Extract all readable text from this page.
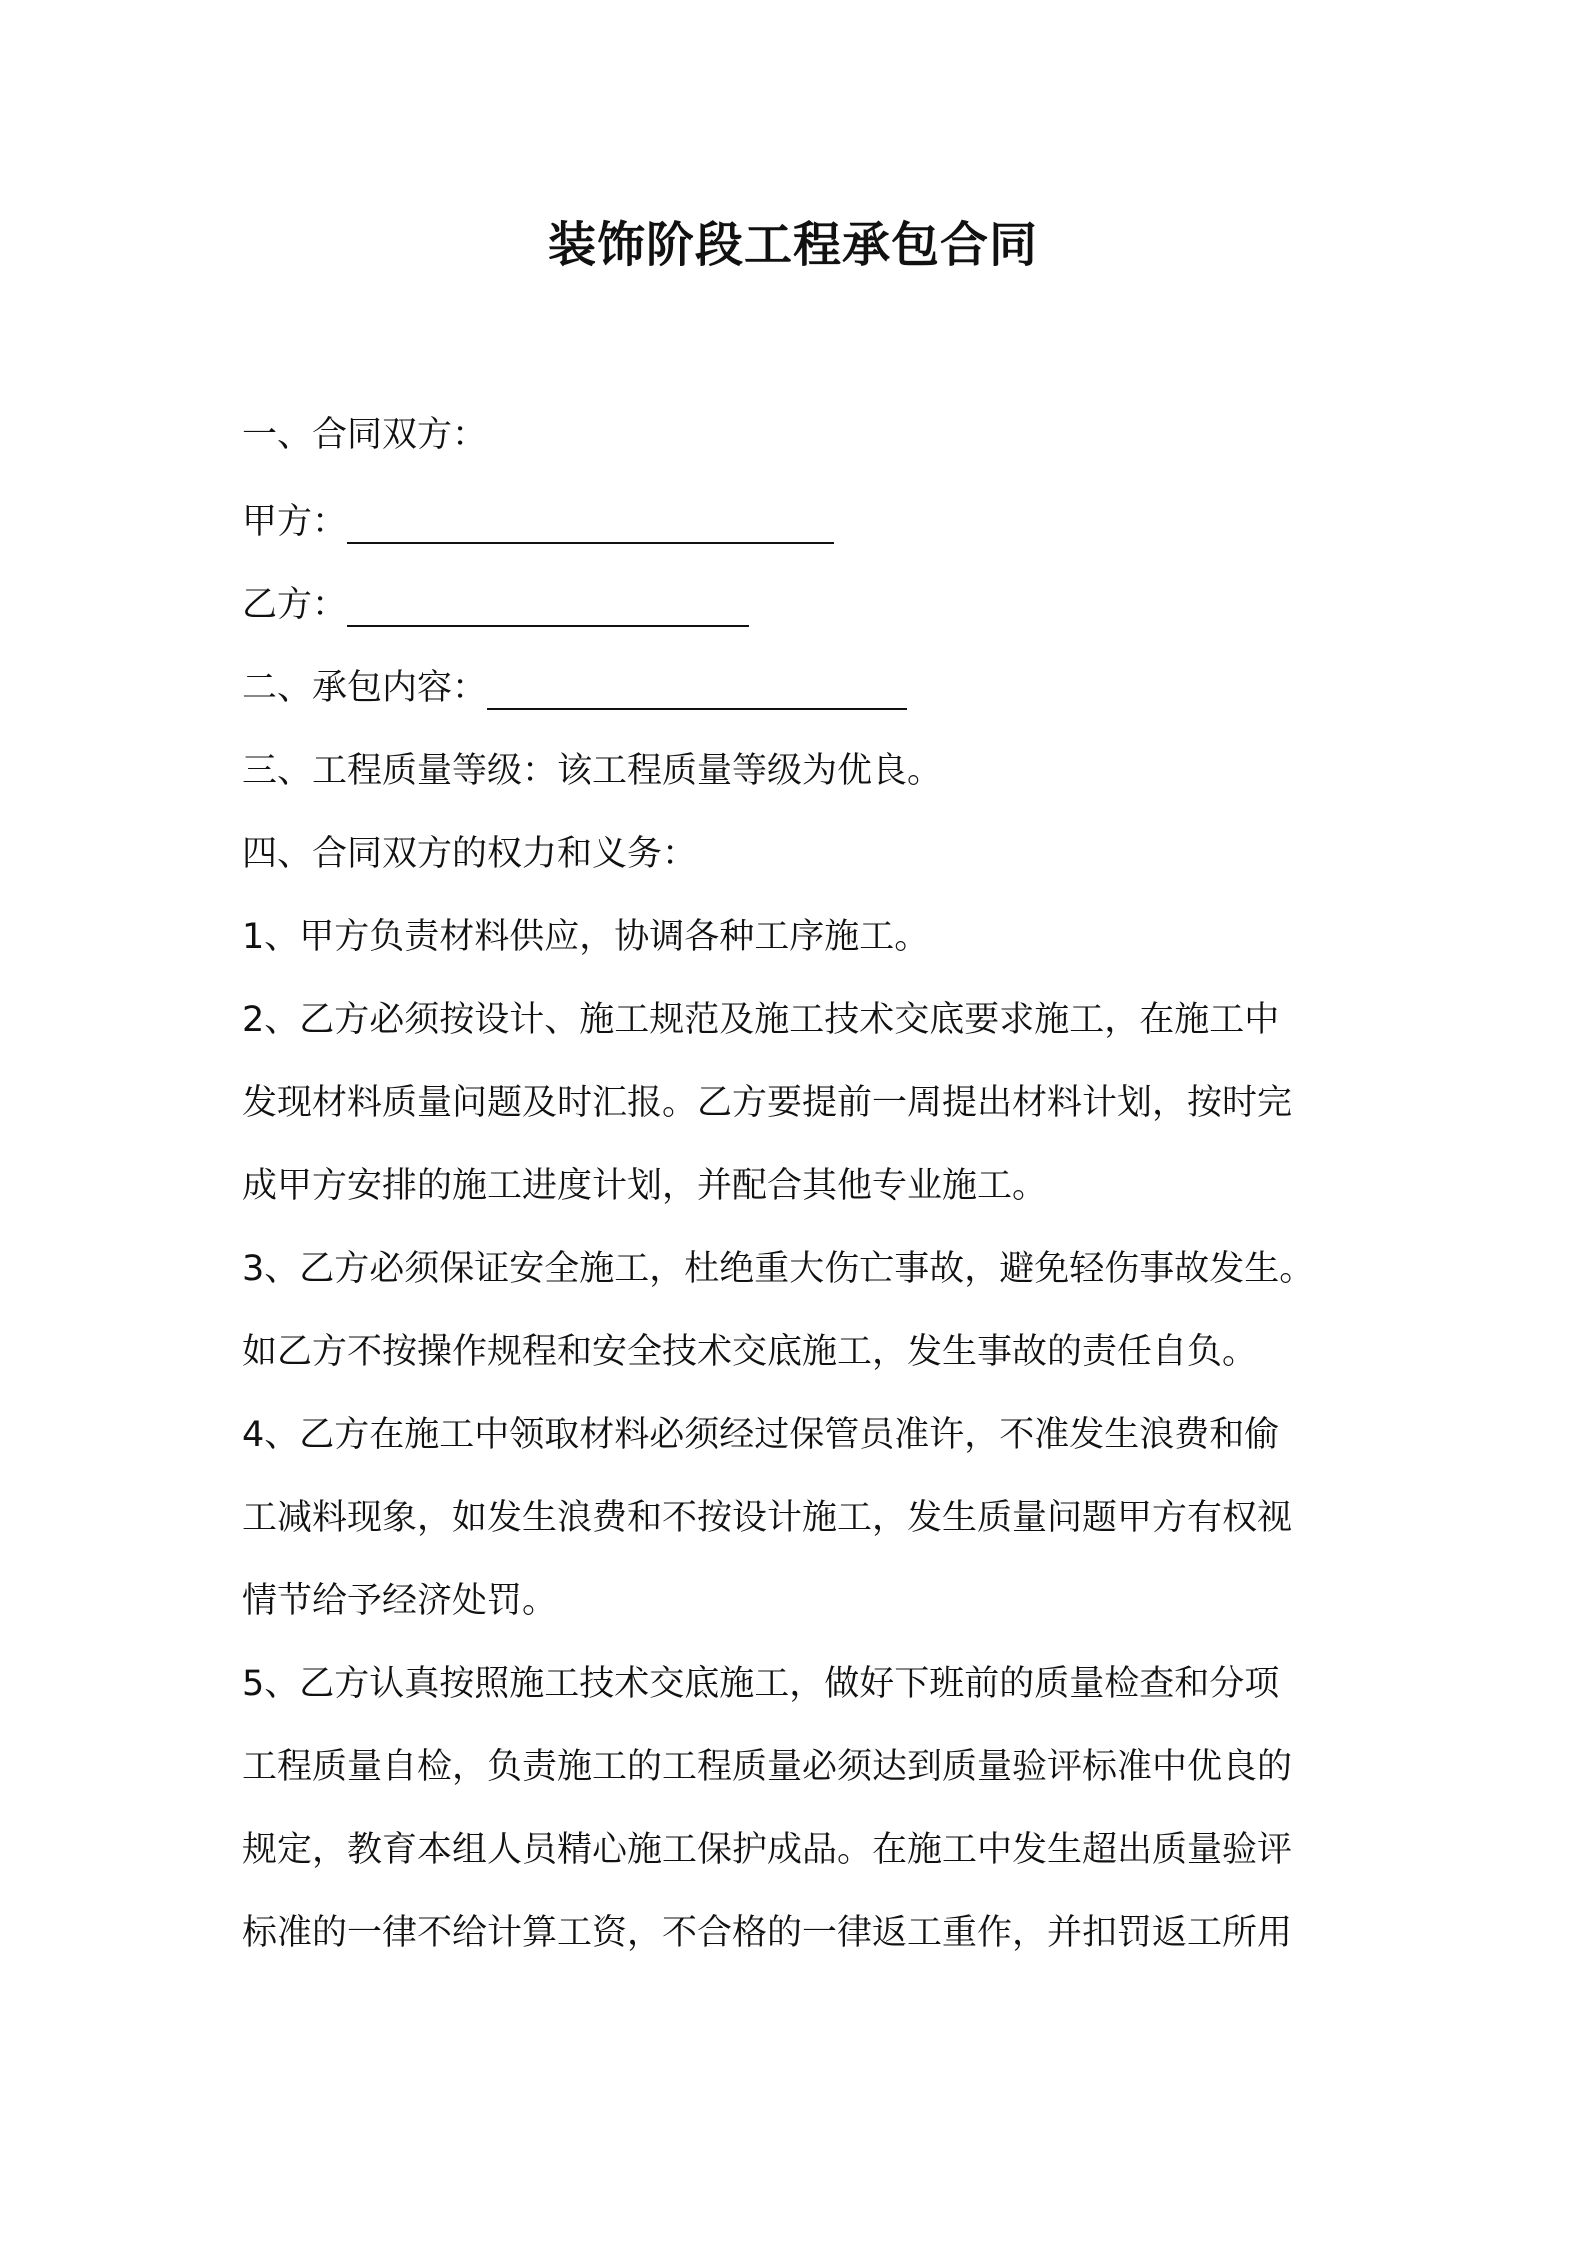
装饰阶段工程承包合同

一、合同双方：

甲方：

乙方：

二、承包内容：

三、工程质量等级：该工程质量等级为优良。

四、合同双方的权力和义务：

1、甲方负责材料供应，协调各种工序施工。

2、乙方必须按设计、施工规范及施工技术交底要求施工，在施工中

发现材料质量问题及时汇报。乙方要提前一周提出材料计划，按时完

成甲方安排的施工进度计划，并配合其他专业施工。

3、乙方必须保证安全施工，杜绝重大伤亡事故，避免轻伤事故发生。

如乙方不按操作规程和安全技术交底施工，发生事故的责任自负。

4、乙方在施工中领取材料必须经过保管员准许，不准发生浪费和偷

工减料现象，如发生浪费和不按设计施工，发生质量问题甲方有权视

情节给予经济处罚。

5、乙方认真按照施工技术交底施工，做好下班前的质量检查和分项

工程质量自检，负责施工的工程质量必须达到质量验评标准中优良的

规定，教育本组人员精心施工保护成品。在施工中发生超出质量验评

标准的一律不给计算工资，不合格的一律返工重作，并扣罚返工所用
